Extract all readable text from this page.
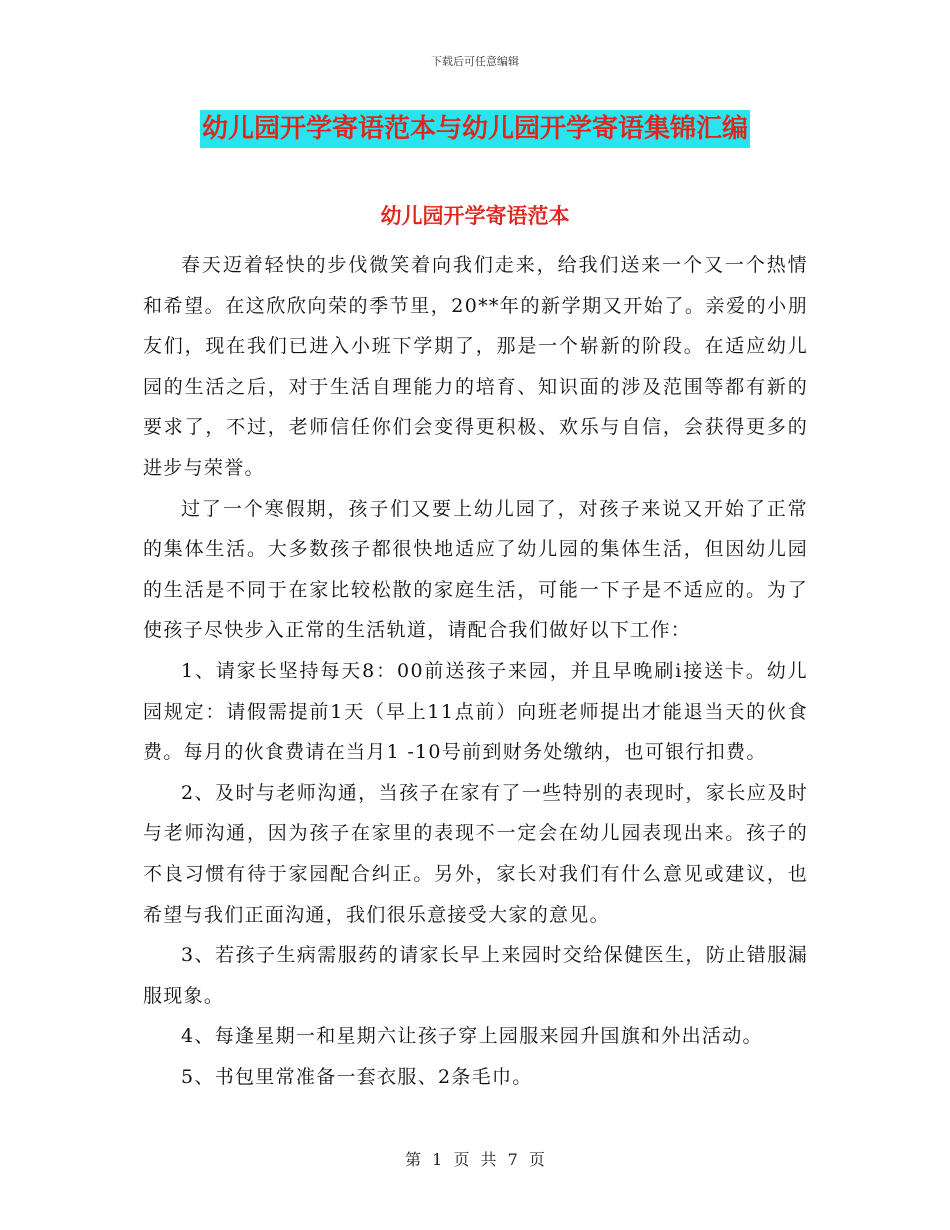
下载后可任意编辑
幼儿园开学寄语范本与幼儿园开学寄语集锦汇编
幼儿园开学寄语范本

春天迈着轻快的步伐微笑着向我们走来，给我们送来一个又一个热情和希望。在这欣欣向荣的季节里，20**年的新学期又开始了。亲爱的小朋友们，现在我们已进入小班下学期了，那是一个崭新的阶段。在适应幼儿园的生活之后，对于生活自理能力的培育、知识面的涉及范围等都有新的要求了，不过，老师信任你们会变得更积极、欢乐与自信，会获得更多的进步与荣誉。

过了一个寒假期，孩子们又要上幼儿园了，对孩子来说又开始了正常的集体生活。大多数孩子都很快地适应了幼儿园的集体生活，但因幼儿园的生活是不同于在家比较松散的家庭生活，可能一下子是不适应的。为了使孩子尽快步入正常的生活轨道，请配合我们做好以下工作：

1、请家长坚持每天8：00前送孩子来园，并且早晚刷i接送卡。幼儿园规定：请假需提前1天（早上11点前）向班老师提出才能退当天的伙食费。每月的伙食费请在当月1 -10号前到财务处缴纳，也可银行扣费。

2、及时与老师沟通，当孩子在家有了一些特别的表现时，家长应及时与老师沟通，因为孩子在家里的表现不一定会在幼儿园表现出来。孩子的不良习惯有待于家园配合纠正。另外，家长对我们有什么意见或建议，也希望与我们正面沟通，我们很乐意接受大家的意见。

3、若孩子生病需服药的请家长早上来园时交给保健医生，防止错服漏服现象。

4、每逢星期一和星期六让孩子穿上园服来园升国旗和外出活动。

5、书包里常准备一套衣服、2条毛巾。

第 1 页 共 7 页
